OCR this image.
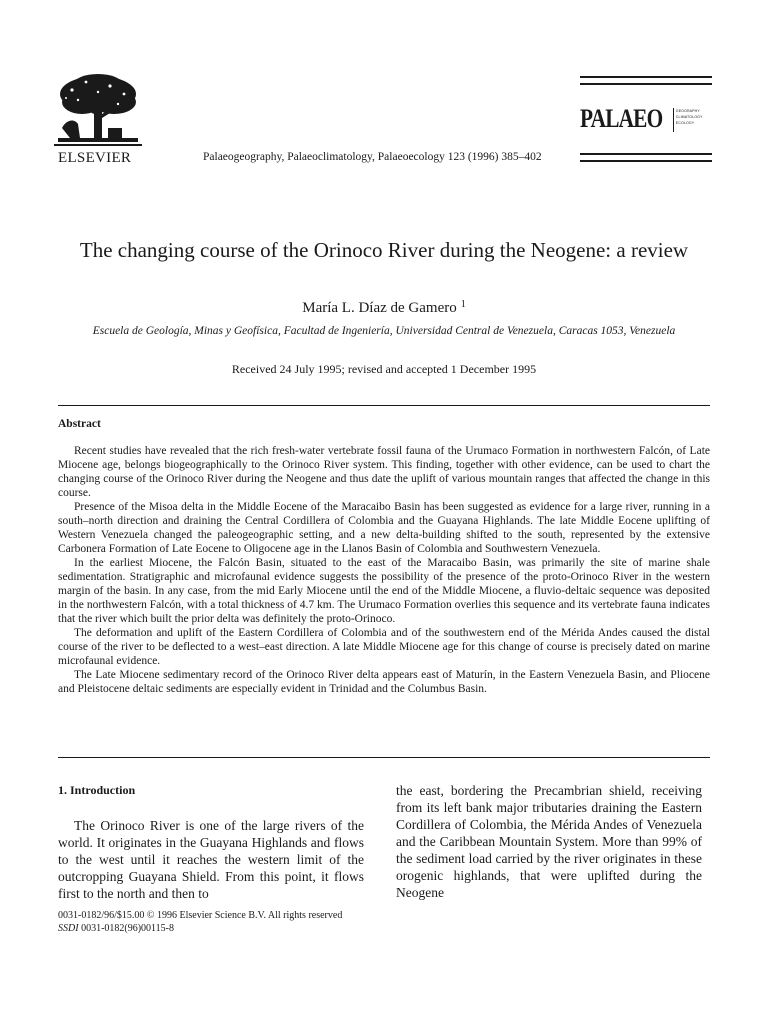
ELSEVIER	Palaeogeography, Palaeoclimatology, Palaeoecology 123 (1996) 385–402
PALAEO	GEOGRAPHY
CLIMATOLOGY
ECOLOGY
The changing course of the Orinoco River during the Neogene: a review
María L. Díaz de Gamero $^1$
Escuela de Geología, Minas y Geofísica, Facultad de Ingeniería, Universidad Central de Venezuela, Caracas 1053, Venezuela
Received 24 July 1995; revised and accepted 1 December 1995
Abstract

Recent studies have revealed that the rich fresh-water vertebrate fossil fauna of the Urumaco Formation in northwestern Falcón, of Late Miocene age, belongs biogeographically to the Orinoco River system. This finding, together with other evidence, can be used to chart the changing course of the Orinoco River during the Neogene and thus date the uplift of various mountain ranges that affected the change in this course.

Presence of the Misoa delta in the Middle Eocene of the Maracaibo Basin has been suggested as evidence for a large river, running in a south–north direction and draining the Central Cordillera of Colombia and the Guayana Highlands. The late Middle Eocene uplifting of Western Venezuela changed the paleogeographic setting, and a new delta-building shifted to the south, represented by the extensive Carbonera Formation of Late Eocene to Oligocene age in the Llanos Basin of Colombia and Southwestern Venezuela.

In the earliest Miocene, the Falcón Basin, situated to the east of the Maracaibo Basin, was primarily the site of marine shale sedimentation. Stratigraphic and microfaunal evidence suggests the possibility of the presence of the proto-Orinoco River in the western margin of the basin. In any case, from the mid Early Miocene until the end of the Middle Miocene, a fluvio-deltaic sequence was deposited in the northwestern Falcón, with a total thickness of 4.7 km. The Urumaco Formation overlies this sequence and its vertebrate fauna indicates that the river which built the prior delta was definitely the proto-Orinoco.

The deformation and uplift of the Eastern Cordillera of Colombia and of the southwestern end of the Mérida Andes caused the distal course of the river to be deflected to a west–east direction. A late Middle Miocene age for this change of course is precisely dated on marine microfaunal evidence.

The Late Miocene sedimentary record of the Orinoco River delta appears east of Maturín, in the Eastern Venezuela Basin, and Pliocene and Pleistocene deltaic sediments are especially evident in Trinidad and the Columbus Basin.

1. Introduction

The Orinoco River is one of the large rivers of the world. It originates in the Guayana Highlands and flows to the west until it reaches the western limit of the outcropping Guayana Shield. From this point, it flows first to the north and then to

the east, bordering the Precambrian shield, receiving from its left bank major tributaries draining the Eastern Cordillera of Colombia, the Mérida Andes of Venezuela and the Caribbean Mountain System. More than 99% of the sediment load carried by the river originates in these orogenic highlands, that were uplifted during the Neogene

0031-0182/96/$15.00 © 1996 Elsevier Science B.V. All rights reserved
SSDI 0031-0182(96)00115-8
